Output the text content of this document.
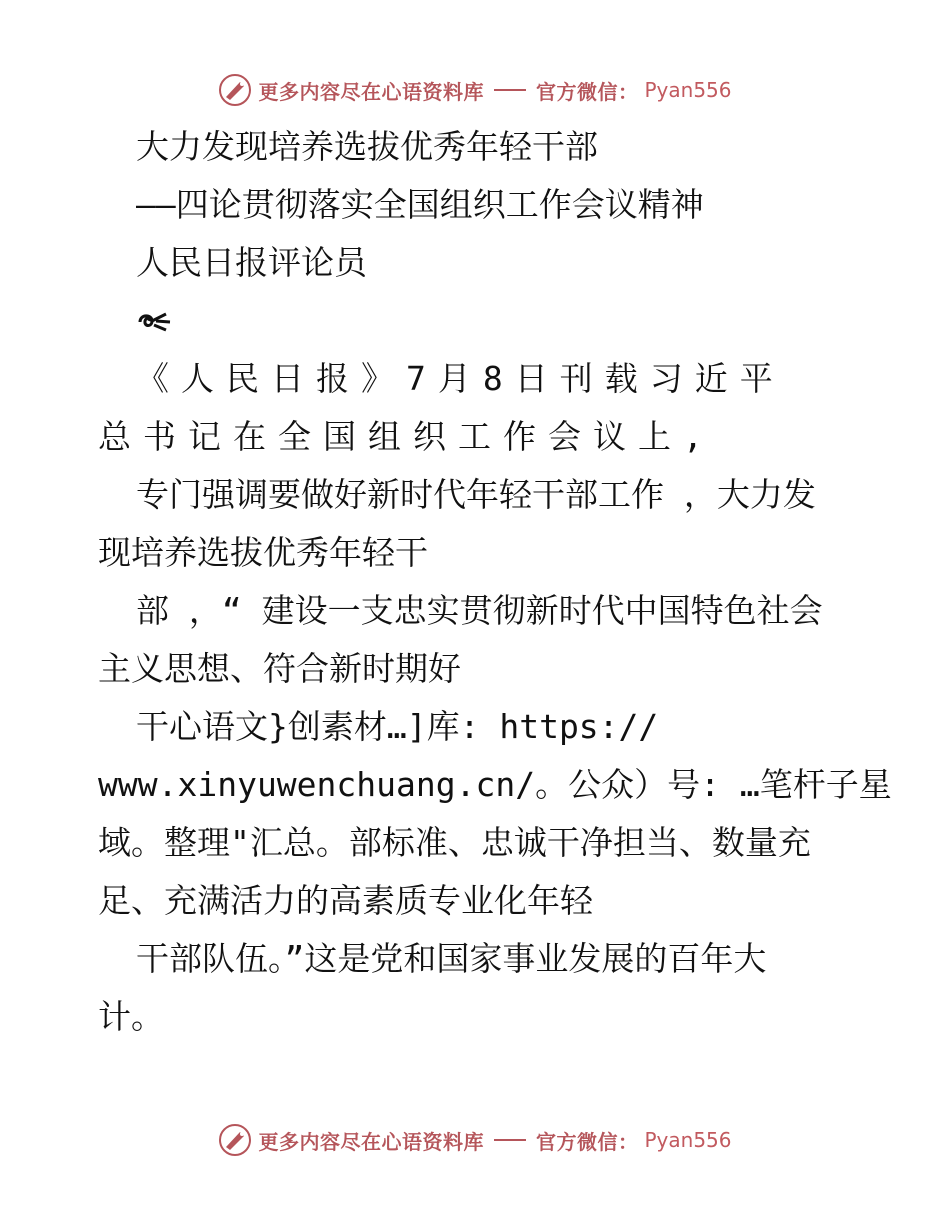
更多内容尽在心语资料库	官方微信： Pyan556
大力发现培养选拔优秀年轻干部
——四论贯彻落实全国组织工作会议精神
人民日报评论员
《人民日报》7月8日刊载习近平
总书记在全国组织工作会议上,
专门强调要做好新时代年轻干部工作 ，大力发
现培养选拔优秀年轻干
部 ，“ 建设一支忠实贯彻新时代中国特色社会
主义思想、符合新时期好
干心语文}创素材…]库: https://
www.xinyuwenchuang.cn/。公众）号: …笔杆子星
域。整理"汇总。部标准、忠诚干净担当、数量充
足、充满活力的高素质专业化年轻
干部队伍。”这是党和国家事业发展的百年大
计。
更多内容尽在心语资料库	官方微信： Pyan556
